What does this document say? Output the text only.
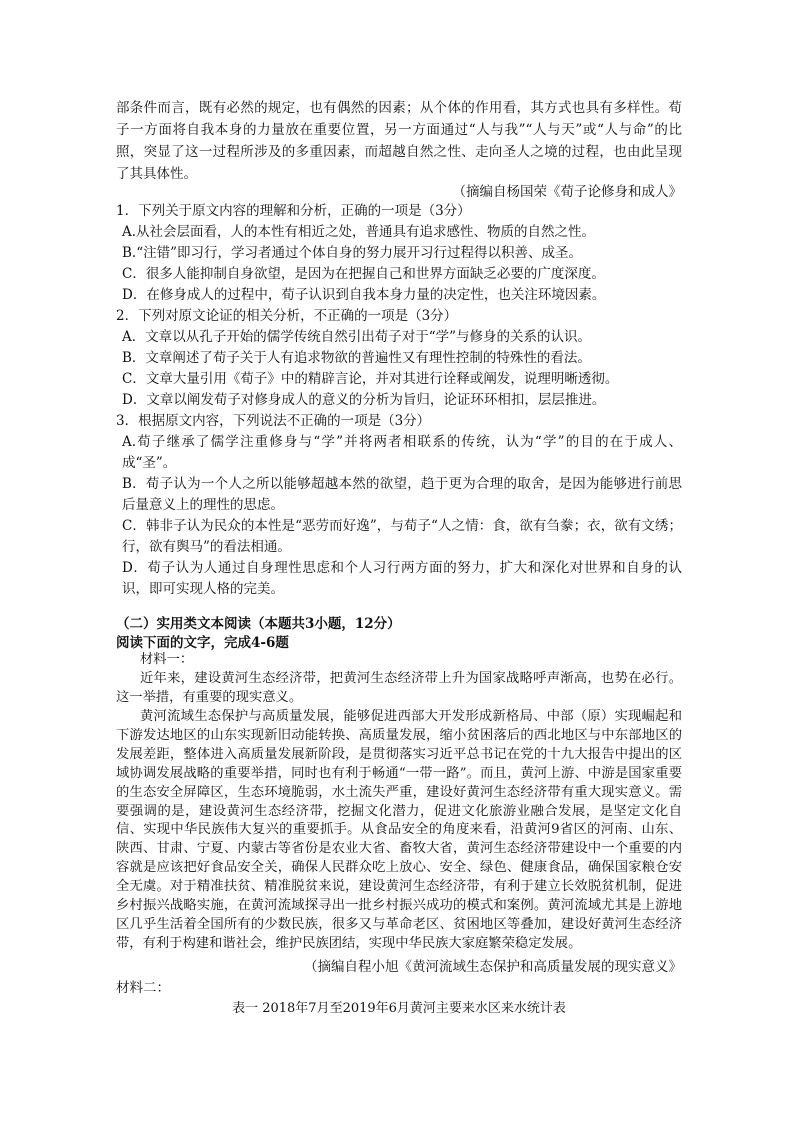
部条件而言，既有必然的规定，也有偶然的因素；从个体的作用看，其方式也具有多样性。荀子一方面将自我本身的力量放在重要位置，另一方面通过“人与我”“人与天”或“人与命”的比照，突显了这一过程所涉及的多重因素，而超越自然之性、走向圣人之境的过程，也由此呈现了其具体性。
（摘编自杨国荣《荀子论修身和成人》

1．下列关于原文内容的理解和分析，正确的一项是（3分）

A.从社会层面看，人的本性有相近之处，普通具有追求感性、物质的自然之性。

B.“注错”即习行，学习者通过个体自身的努力展开习行过程得以积善、成圣。

C．很多人能抑制自身欲望，是因为在把握自己和世界方面缺乏必要的广度深度。

D．在修身成人的过程中，荀子认识到自我本身力量的决定性，也关注环境因素。

2．下列对原文论证的相关分析，不正确的一项是（3分）

A．文章以从孔子开始的儒学传统自然引出荀子对于“学”与修身的关系的认识。

B．文章阐述了荀子关于人有追求物欲的普遍性又有理性控制的特殊性的看法。

C．文章大量引用《荀子》中的精辟言论，并对其进行诠释或阐发，说理明晰透彻。

D．文章以阐发荀子对修身成人的意义的分析为旨归，论证环环相扣，层层推进。

3．根据原文内容，下列说法不正确的一项是（3分）

A.荀子继承了儒学注重修身与“学”并将两者相联系的传统，认为“学”的目的在于成人、成“圣”。

B．荀子认为一个人之所以能够超越本然的欲望，趋于更为合理的取舍，是因为能够进行前思后量意义上的理性的思虑。

C．韩非子认为民众的本性是“恶劳而好逸”，与荀子“人之情：食，欲有刍豢；衣，欲有文绣；行，欲有舆马”的看法相通。

D．荀子认为人通过自身理性思虑和个人习行两方面的努力，扩大和深化对世界和自身的认识，即可实现人格的完美。

（二）实用类文本阅读（本题共3小题，12分）
阅读下面的文字，完成4-6题
材料一：
近年来，建设黄河生态经济带，把黄河生态经济带上升为国家战略呼声渐高，也势在必行。这一举措，有重要的现实意义。
黄河流域生态保护与高质量发展，能够促进西部大开发形成新格局、中部（原）实现崛起和下游发达地区的山东实现新旧动能转换、高质量发展，缩小贫困落后的西北地区与中东部地区的发展差距，整体进入高质量发展新阶段，是贯彻落实习近平总书记在党的十九大报告中提出的区域协调发展战略的重要举措，同时也有利于畅通“一带一路”。而且，黄河上游、中游是国家重要的生态安全屏障区，生态环境脆弱，水土流失严重，建设好黄河生态经济带有重大现实意义。需要强调的是，建设黄河生态经济带，挖掘文化潜力，促进文化旅游业融合发展，是坚定文化自信、实现中华民族伟大复兴的重要抓手。从食品安全的角度来看，沿黄河9省区的河南、山东、陕西、甘肃、宁夏、内蒙古等省份是农业大省、畜牧大省，黄河生态经济带建设中一个重要的内容就是应该把好食品安全关，确保人民群众吃上放心、安全、绿色、健康食品，确保国家粮仓安全无虞。对于精准扶贫、精准脱贫来说，建设黄河生态经济带，有利于建立长效脱贫机制，促进乡村振兴战略实施，在黄河流域探寻出一批乡村振兴成功的模式和案例。黄河流域尤其是上游地区几乎生活着全国所有的少数民族，很多又与革命老区、贫困地区等叠加，建设好黄河生态经济带，有利于构建和谐社会，维护民族团结，实现中华民族大家庭繁荣稳定发展。
（摘编自程小旭《黄河流域生态保护和高质量发展的现实意义》
材料二：
表一 2018年7月至2019年6月黄河主要来水区来水统计表
